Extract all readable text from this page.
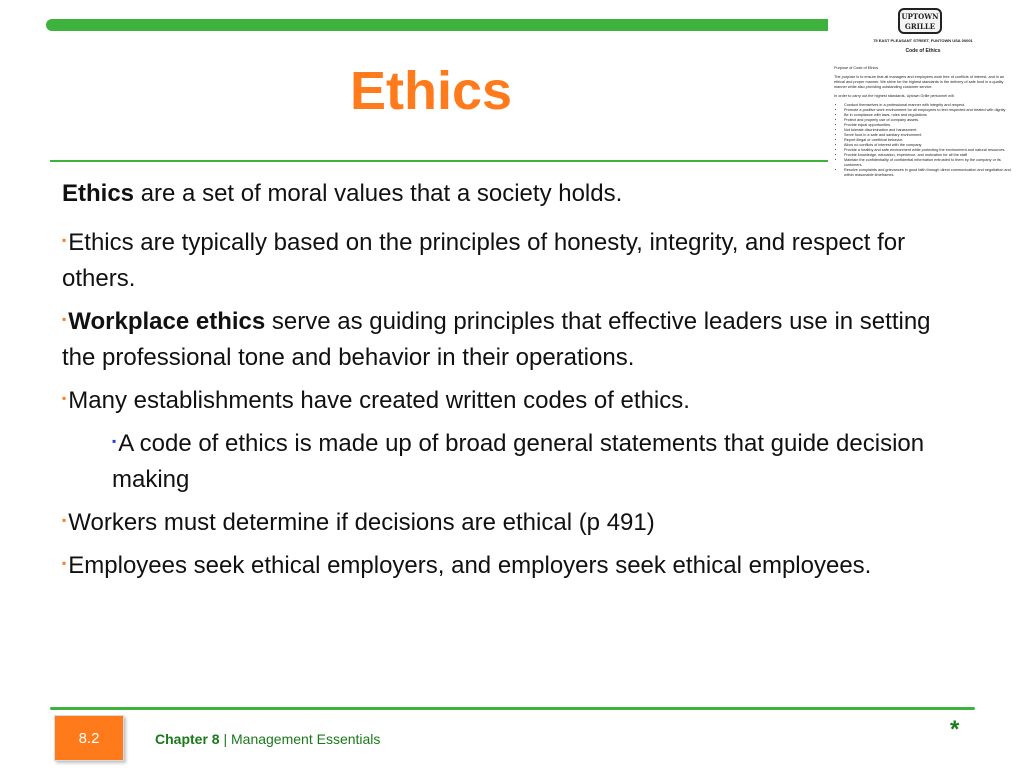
Ethics
UPTOWN
GRILLE
75 EAST PLEASANT STREET, FUNTOWN USA 00001
Code of Ethics

Purpose of Code of Ethics

The purpose is to ensure that all managers and employees work free of conflicts of interest, and in an ethical and proper manner. We strive for the highest standards in the delivery of safe food in a quality manner while also providing outstanding customer service.

In order to carry out the highest standards, Uptown Grille personnel will:

• Conduct themselves in a professional manner with integrity and respect.
• Promote a positive work environment for all employees to feel respected and treated with dignity
• Be in compliance with laws, rules and regulations
• Protect and properly use of company assets.
• Provide equal opportunities.
• Not tolerate discrimination and harassment.
• Serve food in a safe and sanitary environment
• Report illegal or unethical behavior.
• Allow no conflicts of interest with the company
• Provide a healthy and safe environment while protecting the environment and natural resources.
• Provide knowledge, education, experience, and motivation for all the staff
• Maintain the confidentiality of confidential information entrusted to them by the company or its customers.
• Resolve complaints and grievances in good faith through direct communication and negotiation and within reasonable timeframes.

Ethics are a set of moral values that a society holds.

▪Ethics are typically based on the principles of honesty, integrity, and respect for others.

▪Workplace ethics serve as guiding principles that effective leaders use in setting the professional tone and behavior in their operations.

▪Many establishments have created written codes of ethics.

▪A code of ethics is made up of broad general statements that guide decision making

▪Workers must determine if decisions are ethical (p 491)

▪Employees seek ethical employers, and employers seek ethical employees.

8.2	Chapter 8 | Management Essentials	*
